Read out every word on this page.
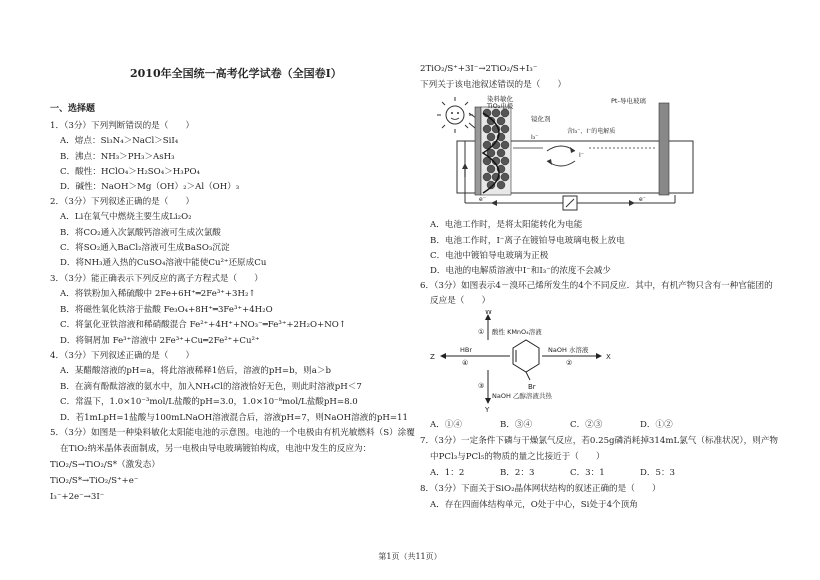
2010年全国统一高考化学试卷（全国卷Ⅰ）
一、选择题
1．（3分）下列判断错误的是（　　）
A．熔点：Si₃N₄＞NaCl＞SiI₄
B．沸点：NH₃＞PH₃＞AsH₃
C．酸性：HClO₄＞H₂SO₄＞H₃PO₄
D．碱性：NaOH＞Mg（OH）₂＞Al（OH）₃
2．（3分）下列叙述正确的是（　　）
A．Li在氧气中燃烧主要生成Li₂O₂
B．将CO₂通入次氯酸钙溶液可生成次氯酸
C．将SO₂通入BaCl₂溶液可生成BaSO₃沉淀
D．将NH₃通入热的CuSO₄溶液中能使Cu²⁺还原成Cu
3．（3分）能正确表示下列反应的离子方程式是（　　）
A．将铁粉加入稀硫酸中 2Fe+6H⁺═2Fe³⁺+3H₂↑
B．将磁性氧化铁溶于盐酸 Fe₃O₄+8H⁺═3Fe³⁺+4H₂O
C．将氯化亚铁溶液和稀硝酸混合 Fe²⁺+4H⁺+NO₃⁻═Fe³⁺+2H₂O+NO↑
D．将铜屑加 Fe³⁺溶液中 2Fe³⁺+Cu═2Fe²⁺+Cu²⁺
4．（3分）下列叙述正确的是（　　）
A．某醋酸溶液的pH=a，将此溶液稀释1倍后，溶液的pH=b，则a＞b
B．在滴有酚酞溶液的氨水中，加入NH₄Cl的溶液恰好无色，则此时溶液pH＜7
C．常温下，1.0×10⁻³mol/L盐酸的pH=3.0，1.0×10⁻⁸mol/L盐酸pH=8.0
D．若1mLpH=1盐酸与100mLNaOH溶液混合后，溶液pH=7，则NaOH溶液的pH=11
5．（3分）如图是一种染料敏化太阳能电池的示意图。电池的一个电极由有机光敏燃料（S）涂覆
在TiO₂纳米晶体表面制成，另一电极由导电玻璃镀铂构成，电池中发生的反应为：
TiO₂/S→TiO₂/S*（激发态）
TiO₂/S*→TiO₂/S⁺+e⁻
I₃⁻+2e⁻→3I⁻
2TiO₂/S⁺+3I⁻→2TiO₂/S+I₃⁻
下列关于该电池叙述错误的是（　　）
染料敏化
TiO₂电极
Pt-导电玻璃
镜化剂
含I₃⁻、I⁻的电解质
I₃⁻
I⁻
e⁻	e⁻
A．电池工作时，是将太阳能转化为电能
B．电池工作时，I⁻离子在镀铂导电玻璃电极上放电
C．电池中镀铂导电玻璃为正极
D．电池的电解质溶液中I⁻和I₃⁻的浓度不会减少
6．（3分）如图表示4－溴环己烯所发生的4个不同反应．其中，有机产物只含有一种官能团的
反应是（　　）
Br
W
① 酸性 KMnO₄溶液
X
NaOH 水溶液
②
Z
HBr
④
Y
③
NaOH 乙醇溶液共热
A．①④	B．③④	C．②③	D．①②
7．（3分）一定条件下磷与干燥氯气反应，若0.25g磷消耗掉314mL氯气（标准状况），则产物
中PCl₃与PCl₅的物质的量之比接近于（　　）
A．1：2	B．2：3	C．3：1	D．5：3
8．（3分）下面关于SiO₂晶体网状结构的叙述正确的是（　　）
A．存在四面体结构单元，O处于中心，Si处于4个顶角
第1页（共11页）
